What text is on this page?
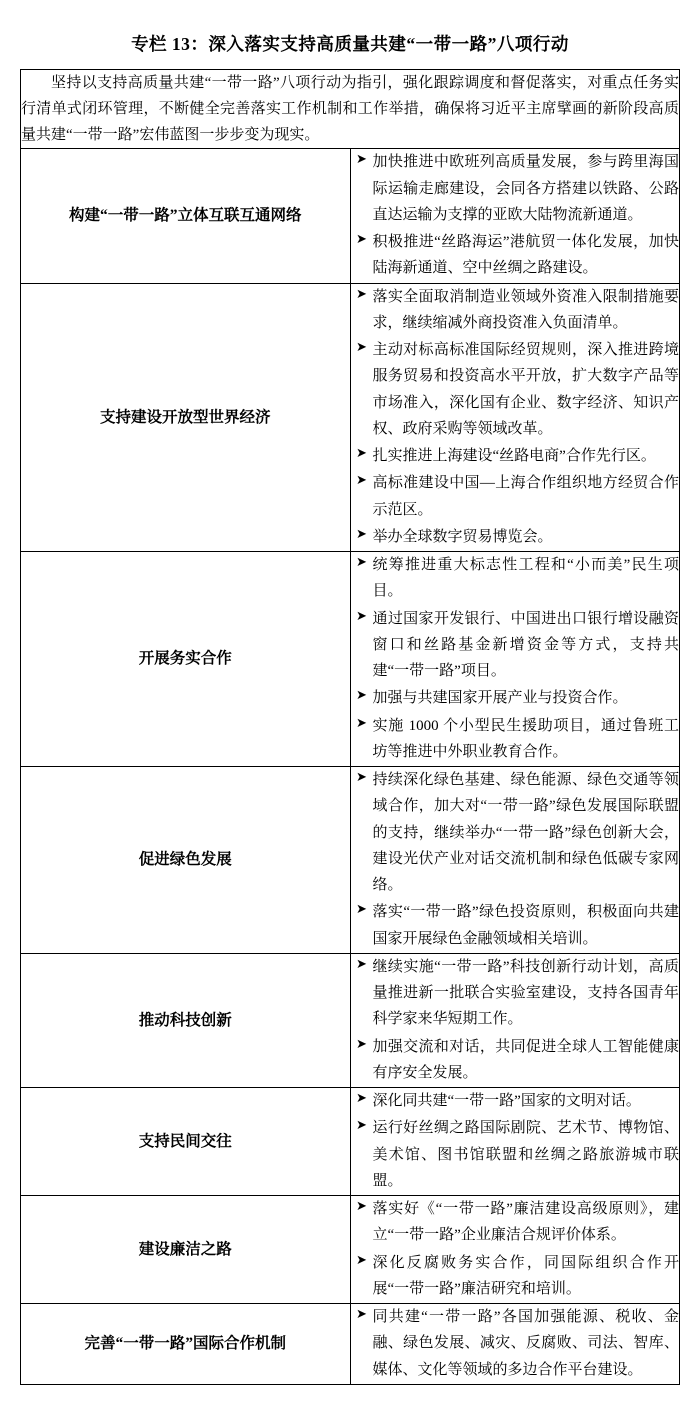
专栏 13：深入落实支持高质量共建“一带一路”八项行动

坚持以支持高质量共建“一带一路”八项行动为指引，强化跟踪调度和督促落实，对重点任务实行清单式闭环管理，不断健全完善落实工作机制和工作举措，确保将习近平主席擘画的新阶段高质量共建“一带一路”宏伟蓝图一步步变为现实。	

构建“一带一路”立体互联互通网络	
➤ 加快推进中欧班列高质量发展，参与跨里海国际运输走廊建设，会同各方搭建以铁路、公路直达运输为支撑的亚欧大陆物流新通道。
➤ 积极推进“丝路海运”港航贸一体化发展，加快陆海新通道、空中丝绸之路建设。

支持建设开放型世界经济	
➤ 落实全面取消制造业领域外资准入限制措施要求，继续缩减外商投资准入负面清单。
➤ 主动对标高标准国际经贸规则，深入推进跨境服务贸易和投资高水平开放，扩大数字产品等市场准入，深化国有企业、数字经济、知识产权、政府采购等领域改革。
➤ 扎实推进上海建设“丝路电商”合作先行区。
➤ 高标准建设中国—上海合作组织地方经贸合作示范区。
➤ 举办全球数字贸易博览会。

开展务实合作	
➤ 统筹推进重大标志性工程和“小而美”民生项目。
➤ 通过国家开发银行、中国进出口银行增设融资窗口和丝路基金新增资金等方式，支持共建“一带一路”项目。
➤ 加强与共建国家开展产业与投资合作。
➤ 实施 1000 个小型民生援助项目，通过鲁班工坊等推进中外职业教育合作。

促进绿色发展	
➤ 持续深化绿色基建、绿色能源、绿色交通等领域合作，加大对“一带一路”绿色发展国际联盟的支持，继续举办“一带一路”绿色创新大会，建设光伏产业对话交流机制和绿色低碳专家网络。
➤ 落实“一带一路”绿色投资原则，积极面向共建国家开展绿色金融领域相关培训。

推动科技创新	
➤ 继续实施“一带一路”科技创新行动计划，高质量推进新一批联合实验室建设，支持各国青年科学家来华短期工作。
➤ 加强交流和对话，共同促进全球人工智能健康有序安全发展。

支持民间交往	
➤ 深化同共建“一带一路”国家的文明对话。
➤ 运行好丝绸之路国际剧院、艺术节、博物馆、美术馆、图书馆联盟和丝绸之路旅游城市联盟。

建设廉洁之路	
➤ 落实好《“一带一路”廉洁建设高级原则》，建立“一带一路”企业廉洁合规评价体系。
➤ 深化反腐败务实合作，同国际组织合作开展“一带一路”廉洁研究和培训。

完善“一带一路”国际合作机制	
➤ 同共建“一带一路”各国加强能源、税收、金融、绿色发展、减灾、反腐败、司法、智库、媒体、文化等领域的多边合作平台建设。
